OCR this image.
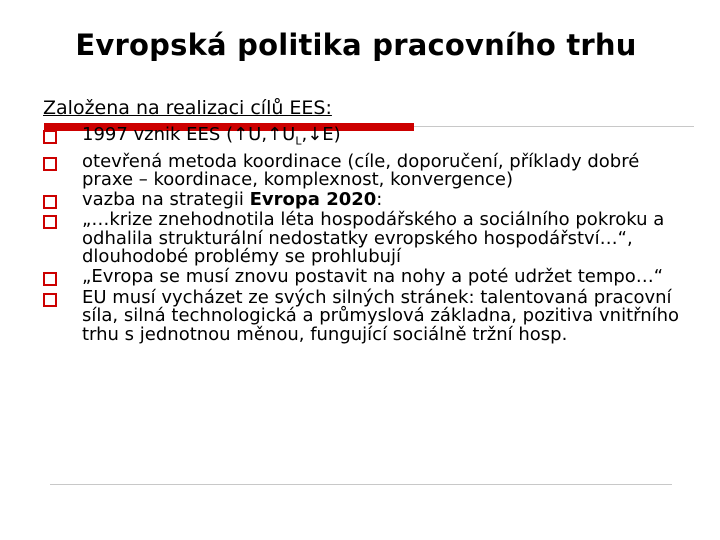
Evropská politika pracovního trhu
Založena na realizaci cílů EES:
1997 vznik EES $(↑U,↑U_L,↓E)$
otevřená metoda koordinace (cíle, doporučení, příklady dobré praxe – koordinace, komplexnost, konvergence)
vazba na strategii Evropa 2020:
„…krize znehodnotila léta hospodářského a sociálního pokroku a odhalila strukturální nedostatky evropského hospodářství…“, dlouhodobé problémy se prohlubují
„Evropa se musí znovu postavit na nohy a poté udržet tempo…“
EU musí vycházet ze svých silných stránek: talentovaná pracovní síla, silná technologická a průmyslová základna, pozitiva vnitřního trhu s jednotnou měnou, fungující sociálně tržní hosp.
